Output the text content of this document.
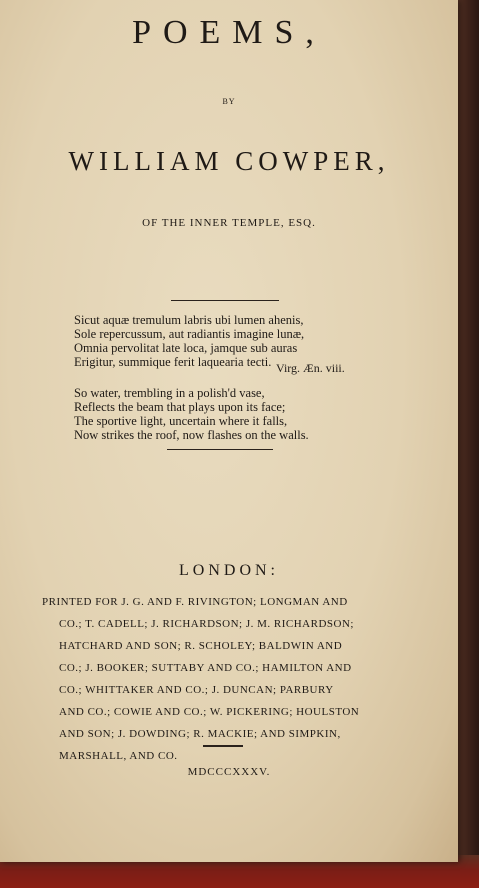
POEMS,
BY
WILLIAM COWPER,
OF THE INNER TEMPLE, ESQ.
Sicut aquæ tremulum labris ubi lumen ahenis,
Sole repercussum, aut radiantis imagine lunæ,
Omnia pervolitat late loca, jamque sub auras
Erigitur, summique ferit laquearia tecti. Virg. Æn. viii.
So water, trembling in a polish'd vase,
Reflects the beam that plays upon its face;
The sportive light, uncertain where it falls,
Now strikes the roof, now flashes on the walls.
LONDON:
PRINTED FOR J. G. AND F. RIVINGTON; LONGMAN AND
CO.; T. CADELL; J. RICHARDSON; J. M. RICHARDSON;
HATCHARD AND SON; R. SCHOLEY; BALDWIN AND
CO.; J. BOOKER; SUTTABY AND CO.; HAMILTON AND
CO.; WHITTAKER AND CO.; J. DUNCAN; PARBURY
AND CO.; COWIE AND CO.; W. PICKERING; HOULSTON
AND SON; J. DOWDING; R. MACKIE; AND SIMPKIN,
MARSHALL, AND CO.
MDCCCXXXV.
